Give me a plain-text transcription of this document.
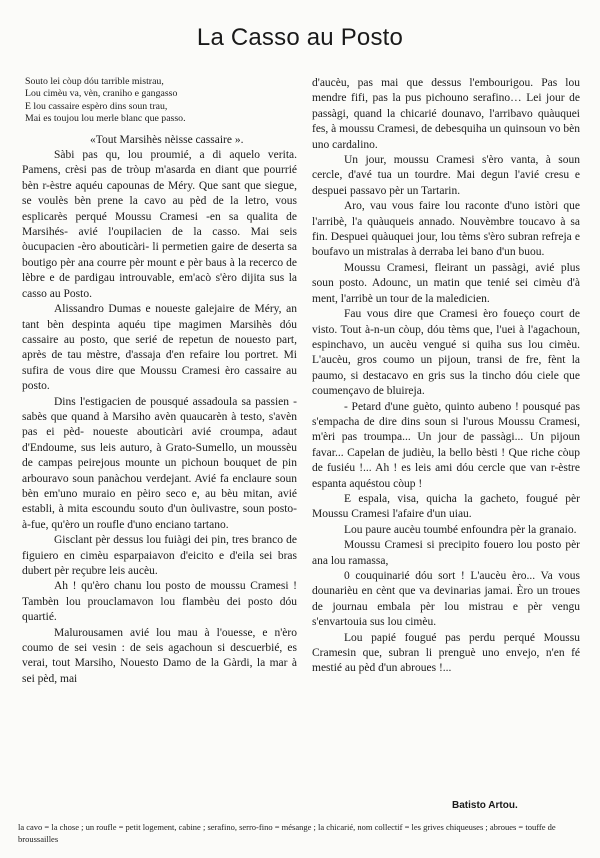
La Casso au Posto
Souto lei còup dóu tarrible mistrau,
Lou cimèu va, vèn, craniho e gangasso
E lou cassaire espèro dins soun trau,
Mai es toujou lou merle blanc que passo.

«Tout Marsihès nèisse cassaire ».

Sàbi pas qu, lou proumié, a di aquelo verita. Pamens, crèsi pas de tròup m'asarda en diant que pourrié bèn r-èstre aquéu capounas de Méry. Que sant que siegue, se voulès bèn prene la cavo au pèd de la letro, vous esplicarès perqué Moussu Cramesi -en sa qualita de Marsihés- avié l'oupilacien de la casso. Mai seis òucupacien -èro abouticàri- li permetien gaire de deserta sa boutigo pèr ana courre pèr mount e pèr baus à la recerco de lèbre e de pardigau introuvable, em'acò s'èro dijita sus la casso au Posto.

Alissandro Dumas e noueste galejaire de Méry, an tant bèn despinta aquéu tipe magimen Marsihès dóu cassaire au posto, que serié de repetun de nouesto part, après de tau mèstre, d'assaja d'en refaire lou portret. Mi sufira de vous dire que Moussu Cramesi èro cassaire au posto.

Dins l'estigacien de pousqué assadoula sa passien -sabès que quand à Marsiho avèn quaucarèn à testo, s'avèn pas ei pèd- noueste abouticàri avié croumpa, adaut d'Endoume, sus leis auturo, à Grato-Sumello, un moussèu de campas peirejous mounte un pichoun bouquet de pin arbouravo soun panàchou verdejant. Avié fa enclaure soun bèn em'uno muraio en pèiro seco e, au bèu mitan, avié establi, à mita escoundu souto d'un òulivastre, soun posto-à-fue, qu'èro un roufle d'uno enciano tartano.

Gisclant pèr dessus lou fuiàgi dei pin, tres branco de figuiero en cimèu esparpaiavon d'eicito e d'eila sei bras dubert pèr reçubre leis aucèu.

Ah ! qu'èro chanu lou posto de moussu Cramesi ! Tambèn lou prouclamavon lou flambèu dei posto dóu quartié.

Malurousamen avié lou mau à l'ouesse, e n'èro coumo de sei vesin : de seis agachoun si descuerbié, es verai, tout Marsiho, Nouesto Damo de la Gàrdi, la mar à sei pèd, mai

d'aucèu, pas mai que dessus l'embourigou. Pas lou mendre fifi, pas la pus pichouno serafino… Lei jour de passàgi, quand la chicarié dounavo, l'arribavo quàuquei fes, à moussu Cramesi, de debesquiha un quinsoun vo bèn uno cardalino.

Un jour, moussu Cramesi s'èro vanta, à soun cercle, d'avé tua un tourdre. Mai degun l'avié cresu e despuei passavo pèr un Tartarin.

Aro, vau vous faire lou raconte d'uno istòri que l'arribè, l'a quàuqueis annado. Nouvèmbre toucavo à sa fin. Despuei quàuquei jour, lou tèms s'èro subran refreja e boufavo un mistralas à derraba lei bano d'un buou.

Moussu Cramesi, fleirant un passàgi, avié plus soun posto. Adounc, un matin que tenié sei cimèu d'à ment, l'arribè un tour de la maledicien.

Fau vous dire que Cramesi èro foueço court de visto. Tout à-n-un còup, dóu tèms que, l'uei à l'agachoun, espinchavo, un aucèu vengué si quiha sus lou cimèu. L'aucèu, gros coumo un pijoun, transi de fre, fènt la paumo, si destacavo en gris sus la tincho dóu ciele que coumençavo de bluireja.

- Petard d'une guèto, quinto aubeno ! pousqué pas s'empacha de dire dins soun si l'urous Moussu Cramesi, m'èri pas troumpa... Un jour de passàgi... Un pijoun favar... Capelan de judièu, la bello bèsti ! Que riche còup de fusiéu !... Ah ! es leis ami dóu cercle que van r-èstre espanta aquéstou còup !

E espala, visa, quicha la gacheto, fougué pèr Moussu Cramesi l'afaire d'un uiau.

Lou paure aucèu toumbé enfoundra pèr la granaio.

Moussu Cramesi si precipito fouero lou posto pèr ana lou ramassa,

0 couquinarié dóu sort ! L'aucèu èro... Va vous dounarièu en cènt que va devinarias jamai. Èro un troues de journau embala pèr lou mistrau e pèr vengu s'envartouia sus lou cimèu.

Lou papié fougué pas perdu perqué Moussu Cramesin que, subran li prenguè uno envejo, n'en fé mestié au pèd d'un abroues !...

Batisto Artou.
la cavo = la chose ; un roufle = petit logement, cabine ; serafino, serro-fino = mésange ; la chicarié, nom collectif = les grives chiqueuses ; abroues = touffe de broussailles
